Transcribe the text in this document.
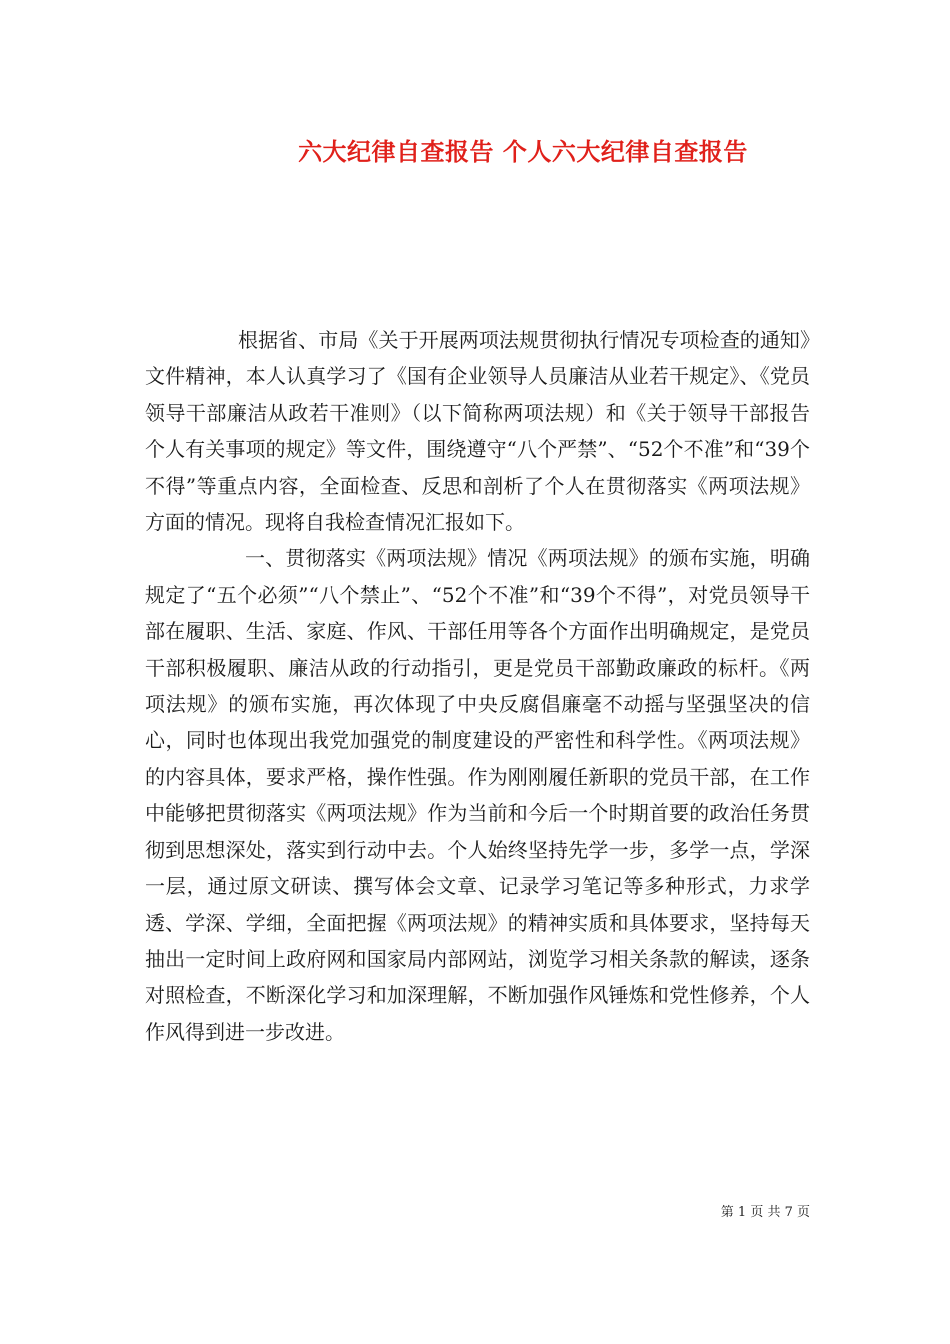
六大纪律自查报告 个人六大纪律自查报告

根据省、市局《关于开展两项法规贯彻执行情况专项检查的通知》文件精神，本人认真学习了《国有企业领导人员廉洁从业若干规定》、《党员领导干部廉洁从政若干准则》（以下简称两项法规）和《关于领导干部报告个人有关事项的规定》等文件，围绕遵守“八个严禁”、“52个不准”和“39个不得”等重点内容，全面检查、反思和剖析了个人在贯彻落实《两项法规》方面的情况。现将自我检查情况汇报如下。

一、贯彻落实《两项法规》情况《两项法规》的颁布实施，明确规定了“五个必须”“八个禁止”、“52个不准”和“39个不得”，对党员领导干部在履职、生活、家庭、作风、干部任用等各个方面作出明确规定，是党员干部积极履职、廉洁从政的行动指引，更是党员干部勤政廉政的标杆。《两项法规》的颁布实施，再次体现了中央反腐倡廉毫不动摇与坚强坚决的信心，同时也体现出我党加强党的制度建设的严密性和科学性。《两项法规》的内容具体，要求严格，操作性强。作为刚刚履任新职的党员干部，在工作中能够把贯彻落实《两项法规》作为当前和今后一个时期首要的政治任务贯彻到思想深处，落实到行动中去。个人始终坚持先学一步，多学一点，学深一层，通过原文研读、撰写体会文章、记录学习笔记等多种形式，力求学透、学深、学细，全面把握《两项法规》的精神实质和具体要求，坚持每天抽出一定时间上政府网和国家局内部网站，浏览学习相关条款的解读，逐条对照检查，不断深化学习和加深理解，不断加强作风锤炼和党性修养，个人作风得到进一步改进。

第 1 页 共 7 页
